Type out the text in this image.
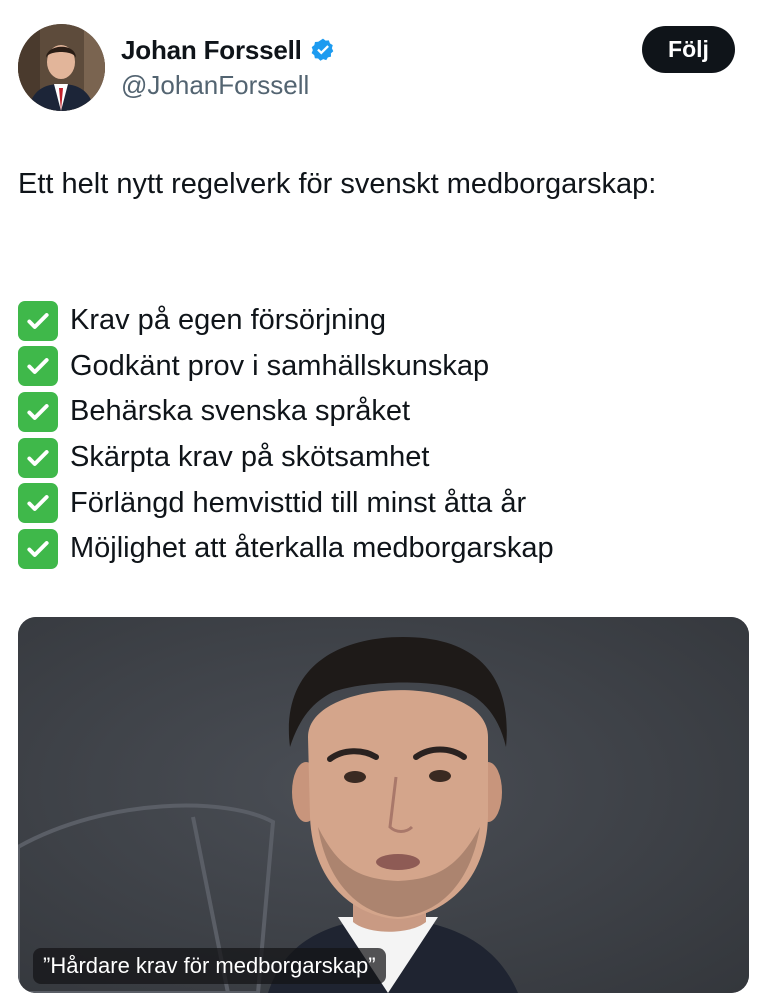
Johan Forssell
@JohanForssell
Följ

Ett helt nytt regelverk för svenskt medborgarskap:

Krav på egen försörjning
Godkänt prov i samhällskunskap
Behärska svenska språket
Skärpta krav på skötsamhet
Förlängd hemvisttid till minst åtta år
Möjlighet att återkalla medborgarskap
”Hårdare krav för medborgarskap”
